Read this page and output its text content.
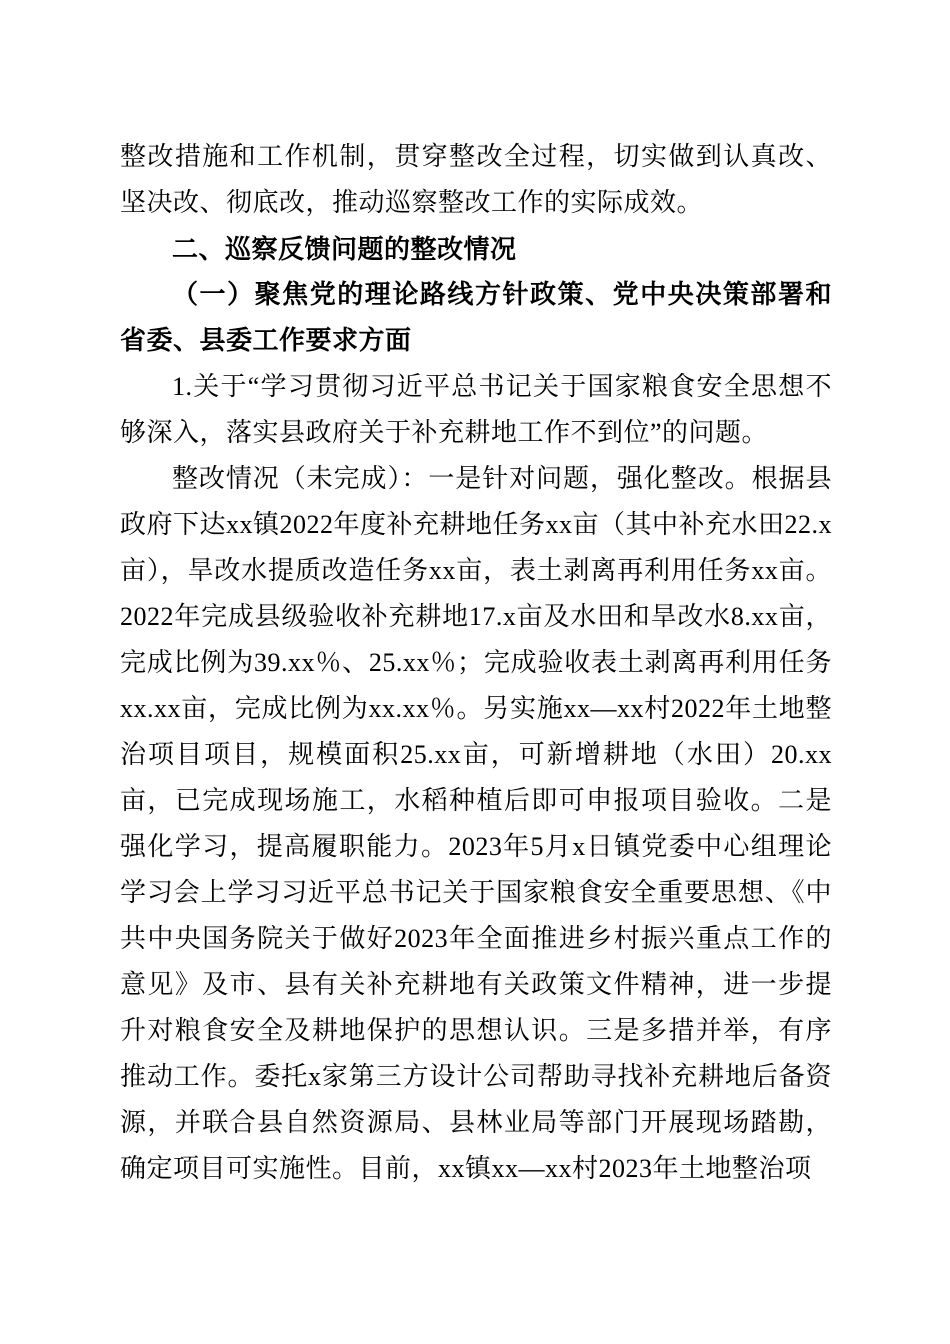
整改措施和工作机制，贯穿整改全过程，切实做到认真改、坚决改、彻底改，推动巡察整改工作的实际成效。

二、巡察反馈问题的整改情况

（一）聚焦党的理论路线方针政策、党中央决策部署和省委、县委工作要求方面

1.关于“学习贯彻习近平总书记关于国家粮食安全思想不够深入，落实县政府关于补充耕地工作不到位”的问题。

整改情况（未完成）：一是针对问题，强化整改。根据县政府下达xx镇2022年度补充耕地任务xx亩（其中补充水田22.x亩），旱改水提质改造任务xx亩，表土剥离再利用任务xx亩。2022年完成县级验收补充耕地17.x亩及水田和旱改水8.xx亩，完成比例为39.xx％、25.xx％；完成验收表土剥离再利用任务xx.xx亩，完成比例为xx.xx％。另实施xx—xx村2022年土地整治项目项目，规模面积25.xx亩，可新增耕地（水田）20.xx亩，已完成现场施工，水稻种植后即可申报项目验收。二是强化学习，提高履职能力。2023年5月x日镇党委中心组理论学习会上学习习近平总书记关于国家粮食安全重要思想、《中共中央国务院关于做好2023年全面推进乡村振兴重点工作的意见》及市、县有关补充耕地有关政策文件精神，进一步提升对粮食安全及耕地保护的思想认识。三是多措并举，有序推动工作。委托x家第三方设计公司帮助寻找补充耕地后备资源，并联合县自然资源局、县林业局等部门开展现场踏勘，确定项目可实施性。目前，xx镇xx—xx村2023年土地整治项
